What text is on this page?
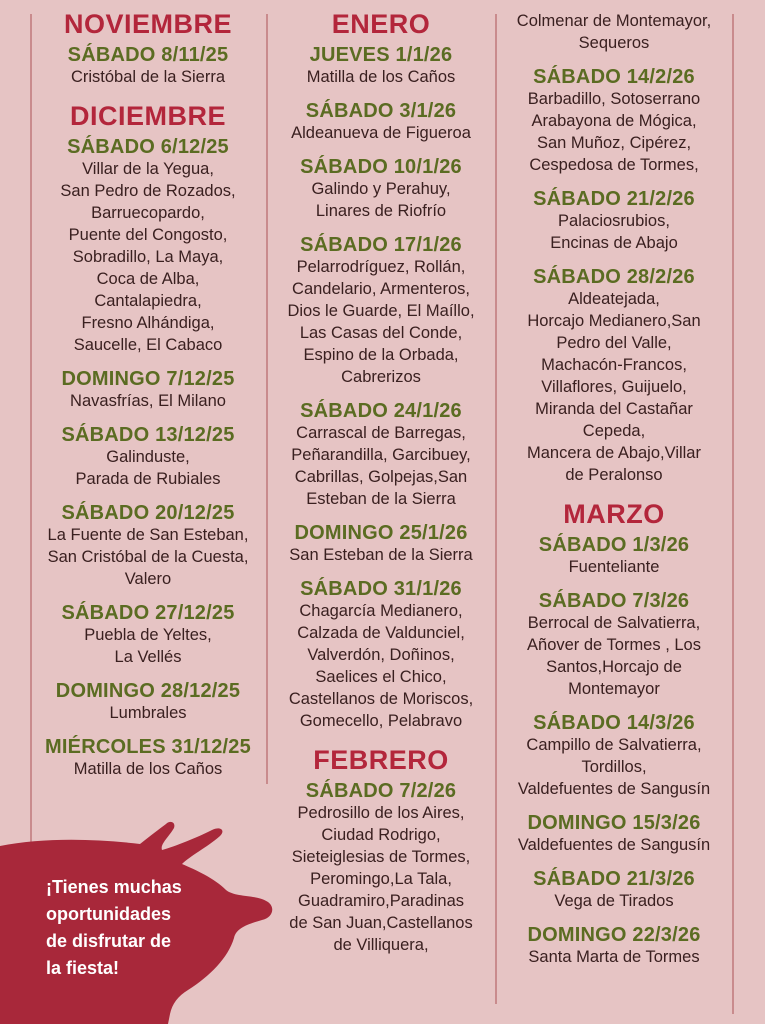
NOVIEMBRE
SÁBADO 8/11/25
Cristóbal de la Sierra
DICIEMBRE
SÁBADO 6/12/25
Villar de la Yegua,
San Pedro de Rozados,
Barruecopardo,
Puente del Congosto,
Sobradillo, La Maya,
Coca de Alba,
Cantalapiedra,
Fresno Alhándiga,
Saucelle, El Cabaco
DOMINGO 7/12/25
Navasfrías, El Milano
SÁBADO 13/12/25
Galinduste,
Parada de Rubiales
SÁBADO 20/12/25
La Fuente de San Esteban,
San Cristóbal de la Cuesta,
Valero
SÁBADO 27/12/25
Puebla de Yeltes,
La Vellés
DOMINGO 28/12/25
Lumbrales
MIÉRCOLES 31/12/25
Matilla de los Caños
ENERO
JUEVES 1/1/26
Matilla de los Caños
SÁBADO 3/1/26
Aldeanueva de Figueroa
SÁBADO 10/1/26
Galindo y Perahuy,
Linares de Riofrío
SÁBADO 17/1/26
Pelarrodríguez, Rollán,
Candelario, Armenteros,
Dios le Guarde, El Maíllo,
Las Casas del Conde,
Espino de la Orbada,
Cabrerizos
SÁBADO 24/1/26
Carrascal de Barregas,
Peñarandilla, Garcibuey,
Cabrillas, Golpejas,San
Esteban de la Sierra
DOMINGO 25/1/26
San Esteban de la Sierra
SÁBADO 31/1/26
Chagarcía Medianero,
Calzada de Valdunciel,
Valverdón, Doñinos,
Saelices el Chico,
Castellanos de Moriscos,
Gomecello, Pelabravo
FEBRERO
SÁBADO 7/2/26
Pedrosillo de los Aires,
Ciudad Rodrigo,
Sieteiglesias de Tormes,
Peromingo,La Tala,
Guadramiro,Paradinas
de San Juan,Castellanos
de Villiquera,
Colmenar de Montemayor,
Sequeros
SÁBADO 14/2/26
Barbadillo, Sotoserrano
Arabayona de Mógica,
San Muñoz, Cipérez,
Cespedosa de Tormes,
SÁBADO 21/2/26
Palaciosrubios,
Encinas de Abajo
SÁBADO 28/2/26
Aldeatejada,
Horcajo Medianero,San
Pedro del Valle,
Machacón-Francos,
Villaflores, Guijuelo,
Miranda del Castañar
Cepeda,
Mancera de Abajo,Villar
de Peralonso
MARZO
SÁBADO 1/3/26
Fuenteliante
SÁBADO 7/3/26
Berrocal de Salvatierra,
Añover de Tormes , Los
Santos,Horcajo de
Montemayor
SÁBADO 14/3/26
Campillo de Salvatierra,
Tordillos,
Valdefuentes de Sangusín
DOMINGO 15/3/26
Valdefuentes de Sangusín
SÁBADO 21/3/26
Vega de Tirados
DOMINGO 22/3/26
Santa Marta de Tormes
¡Tienes muchas
oportunidades
de disfrutar de
la fiesta!
